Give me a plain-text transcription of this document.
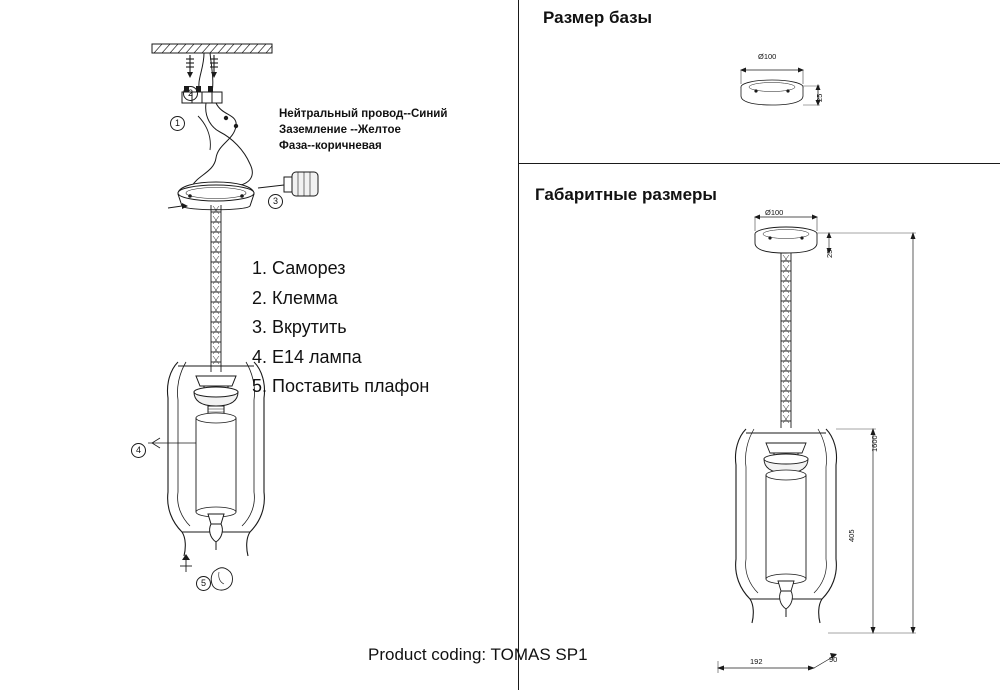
1
2
3
4
5
Нейтральный провод--Синий
Заземление --Желтое
Фаза--коричневая
1. Саморез
2. Клемма
3. Вкрутить
4. E14 лампа
5. Поставить плафон
Product coding: TOMAS SP1
Размер базы
Ø100
25
Габаритные размеры
Ø100
25
1600
405
192	90
